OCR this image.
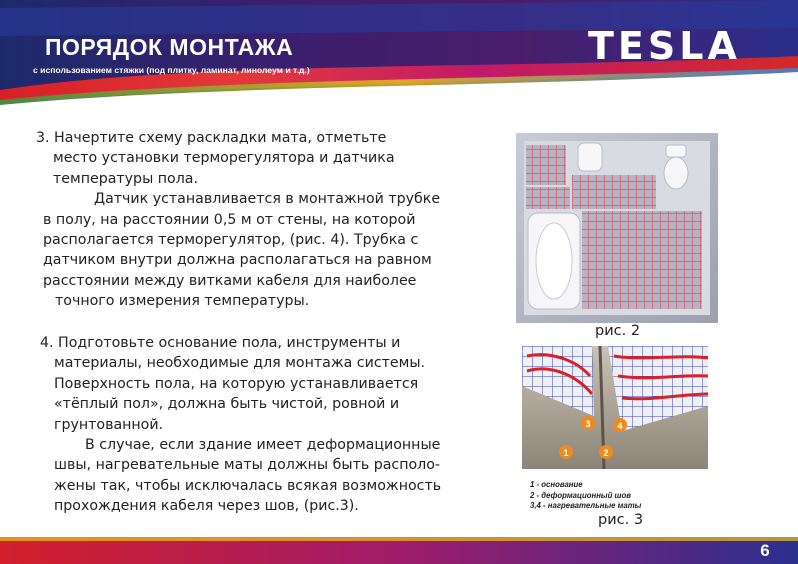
ПОРЯДОК МОНТАЖА
с использованием стяжки (под плитку, ламинат, линолеум и т.д.)
TESLA
3. Начертите схему раскладки мата, отметьте
место установки терморегулятора и датчика
температуры пола.
Датчик устанавливается в монтажной трубке
в полу, на расстоянии 0,5 м от стены, на которой
располагается терморегулятор, (рис. 4). Трубка с
датчиком внутри должна располагаться на равном
расстоянии между витками кабеля для наиболее
точного измерения температуры.
4. Подготовьте основание пола, инструменты и
материалы, необходимые для монтажа системы.
Поверхность пола, на которую устанавливается
«тёплый пол», должна быть чистой, ровной и
грунтованной.
В случае, если здание имеет деформационные
швы, нагревательные маты должны быть располо-
жены так, чтобы исключалась всякая возможность
прохождения кабеля через шов, (рис.3).
рис. 2
1	2
3	4
1 - основание
2 - деформационный шов
3,4 - нагревательные маты
рис. 3
6
